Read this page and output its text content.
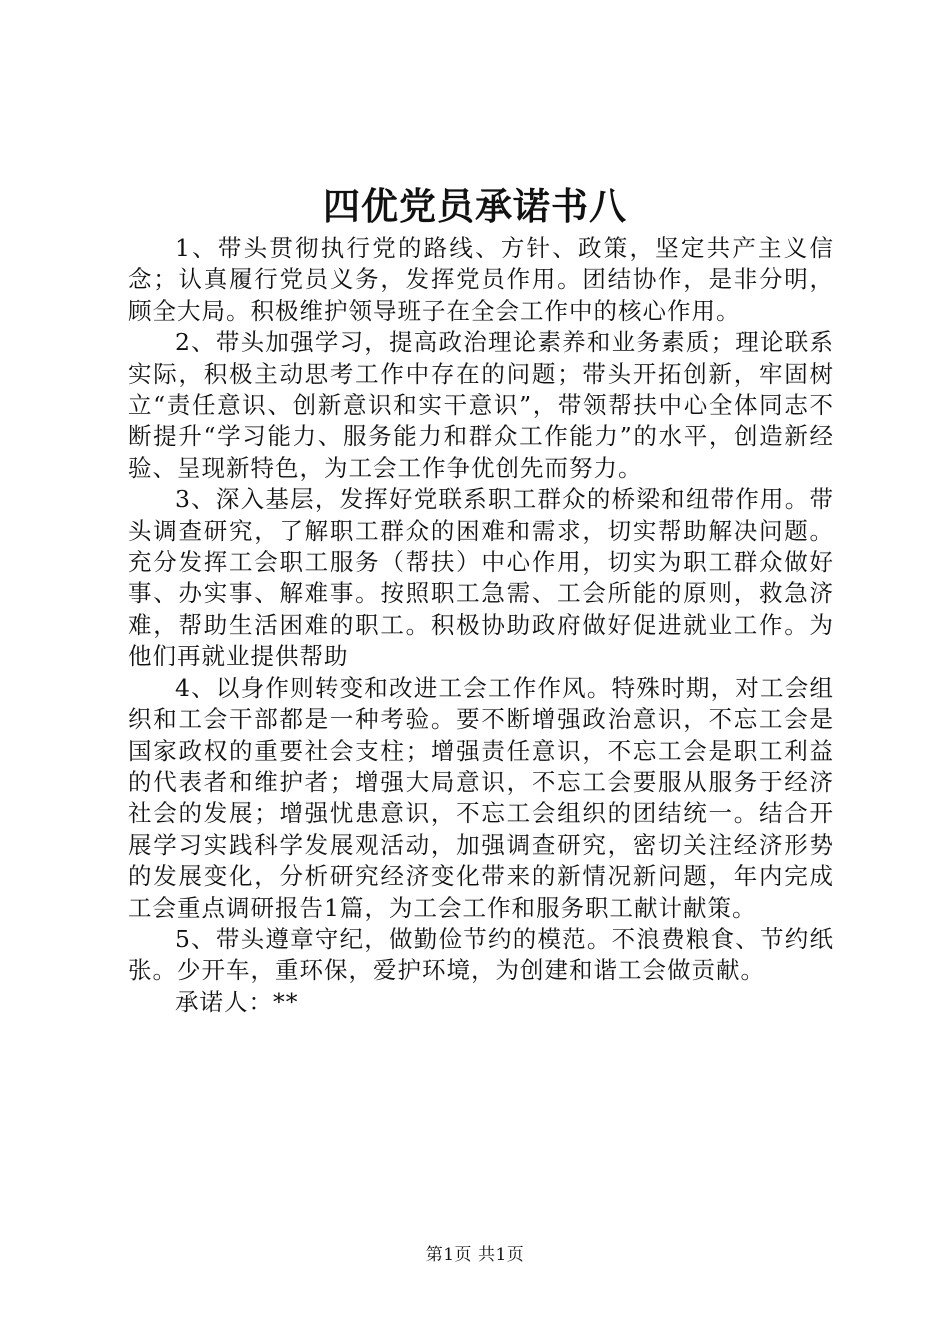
四优党员承诺书八

1、带头贯彻执行党的路线、方针、政策，坚定共产主义信念；认真履行党员义务，发挥党员作用。团结协作，是非分明，顾全大局。积极维护领导班子在全会工作中的核心作用。

2、带头加强学习，提高政治理论素养和业务素质；理论联系实际，积极主动思考工作中存在的问题；带头开拓创新，牢固树立“责任意识、创新意识和实干意识”，带领帮扶中心全体同志不断提升“学习能力、服务能力和群众工作能力”的水平，创造新经验、呈现新特色，为工会工作争优创先而努力。

3、深入基层，发挥好党联系职工群众的桥梁和纽带作用。带头调查研究，了解职工群众的困难和需求，切实帮助解决问题。充分发挥工会职工服务（帮扶）中心作用，切实为职工群众做好事、办实事、解难事。按照职工急需、工会所能的原则，救急济难，帮助生活困难的职工。积极协助政府做好促进就业工作。为他们再就业提供帮助

4、以身作则转变和改进工会工作作风。特殊时期，对工会组织和工会干部都是一种考验。要不断增强政治意识，不忘工会是国家政权的重要社会支柱；增强责任意识，不忘工会是职工利益的代表者和维护者；增强大局意识，不忘工会要服从服务于经济社会的发展；增强忧患意识，不忘工会组织的团结统一。结合开展学习实践科学发展观活动，加强调查研究，密切关注经济形势的发展变化，分析研究经济变化带来的新情况新问题，年内完成工会重点调研报告1篇，为工会工作和服务职工献计献策。

5、带头遵章守纪，做勤俭节约的模范。不浪费粮食、节约纸张。少开车，重环保，爱护环境，为创建和谐工会做贡献。

承诺人：**

第1页 共1页
